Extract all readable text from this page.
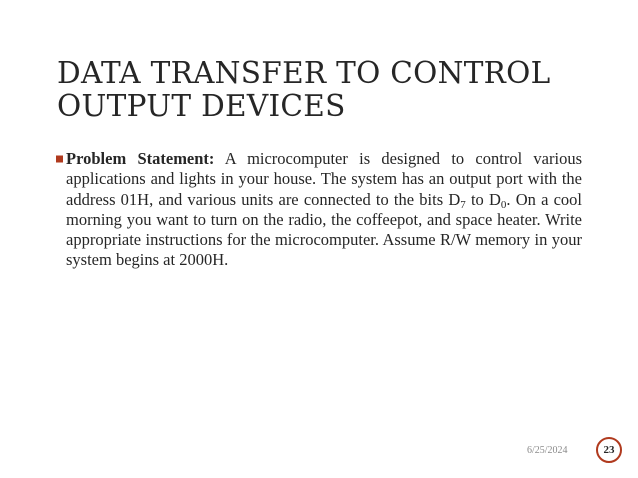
DATA TRANSFER TO CONTROL
OUTPUT DEVICES

Problem Statement: A microcomputer is designed to control various applications and lights in your house. The system has an output port with the address 01H, and various units are connected to the bits $D_7$ to $D_0$. On a cool morning you want to turn on the radio, the coffeepot, and space heater. Write appropriate instructions for the microcomputer. Assume R/W memory in your system begins at 2000H.

6/25/2024	23
